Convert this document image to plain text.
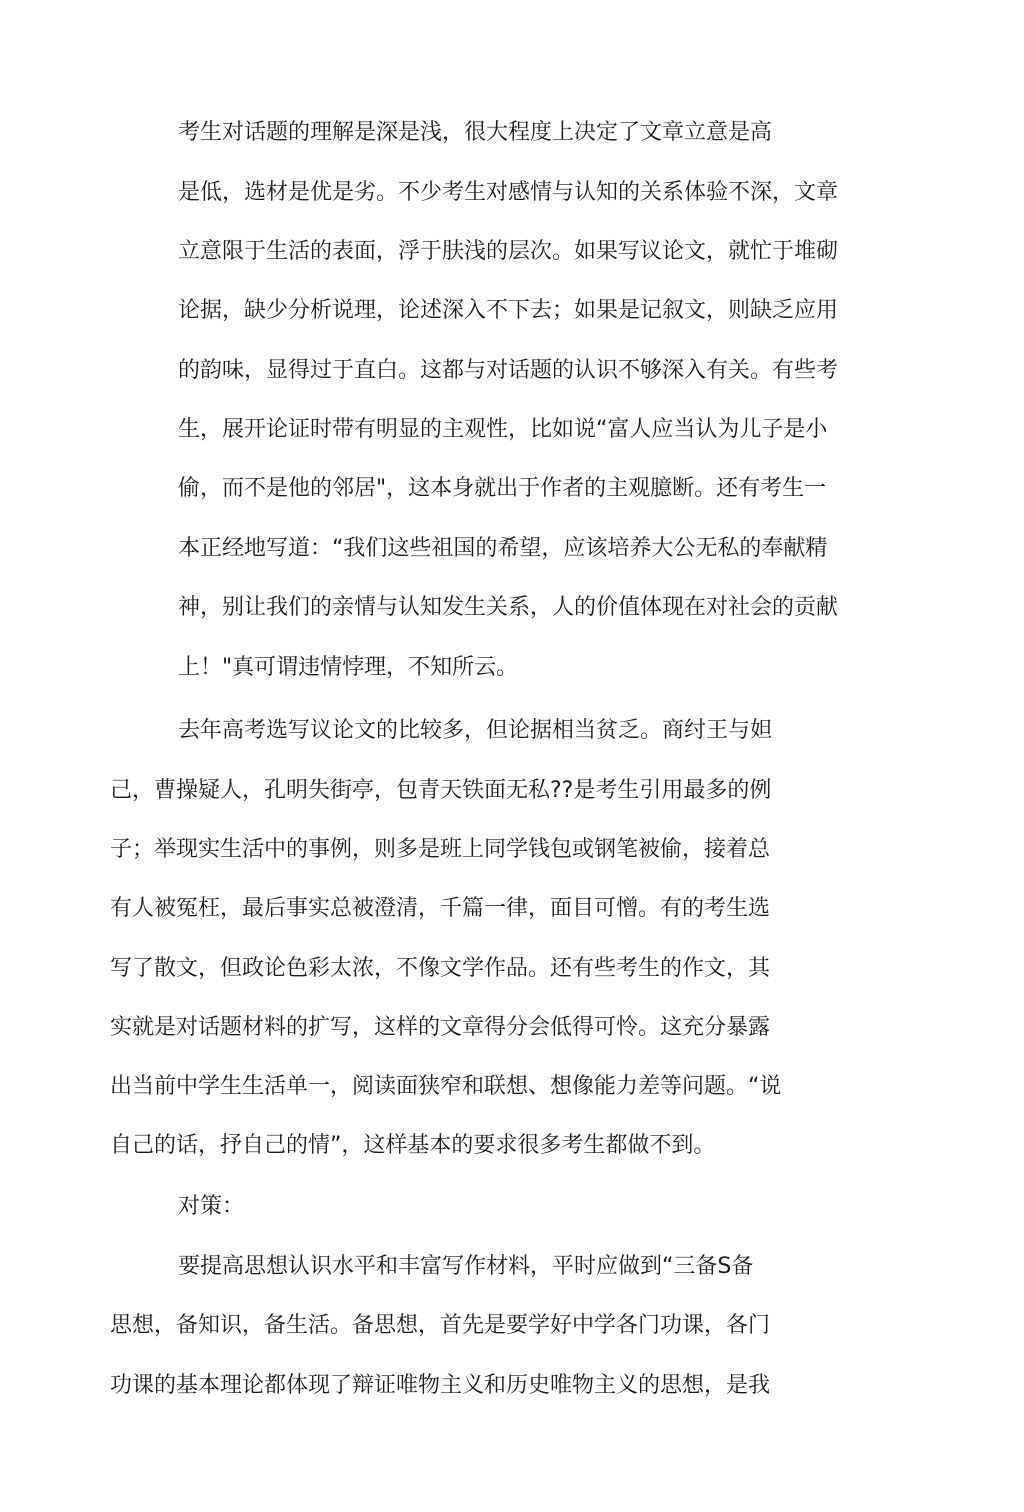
考生对话题的理解是深是浅，很大程度上决定了文章立意是高
是低，选材是优是劣。不少考生对感情与认知的关系体验不深，文章
立意限于生活的表面，浮于肤浅的层次。如果写议论文，就忙于堆砌
论据，缺少分析说理，论述深入不下去；如果是记叙文，则缺乏应用
的韵味，显得过于直白。这都与对话题的认识不够深入有关。有些考
生，展开论证时带有明显的主观性，比如说“富人应当认为儿子是小
偷，而不是他的邻居"，这本身就出于作者的主观臆断。还有考生一
本正经地写道：“我们这些祖国的希望，应该培养大公无私的奉献精
神，别让我们的亲情与认知发生关系，人的价值体现在对社会的贡献
上！"真可谓违情悖理，不知所云。
去年高考选写议论文的比较多，但论据相当贫乏。商纣王与妲
己，曹操疑人，孔明失街亭，包青天铁面无私??是考生引用最多的例
子；举现实生活中的事例，则多是班上同学钱包或钢笔被偷，接着总
有人被冤枉，最后事实总被澄清，千篇一律，面目可憎。有的考生选
写了散文，但政论色彩太浓，不像文学作品。还有些考生的作文，其
实就是对话题材料的扩写，这样的文章得分会低得可怜。这充分暴露
出当前中学生生活单一，阅读面狭窄和联想、想像能力差等问题。“说
自己的话，抒自己的情”，这样基本的要求很多考生都做不到。
对策：
要提高思想认识水平和丰富写作材料，平时应做到“三备S备
思想，备知识，备生活。备思想，首先是要学好中学各门功课，各门
功课的基本理论都体现了辩证唯物主义和历史唯物主义的思想，是我
